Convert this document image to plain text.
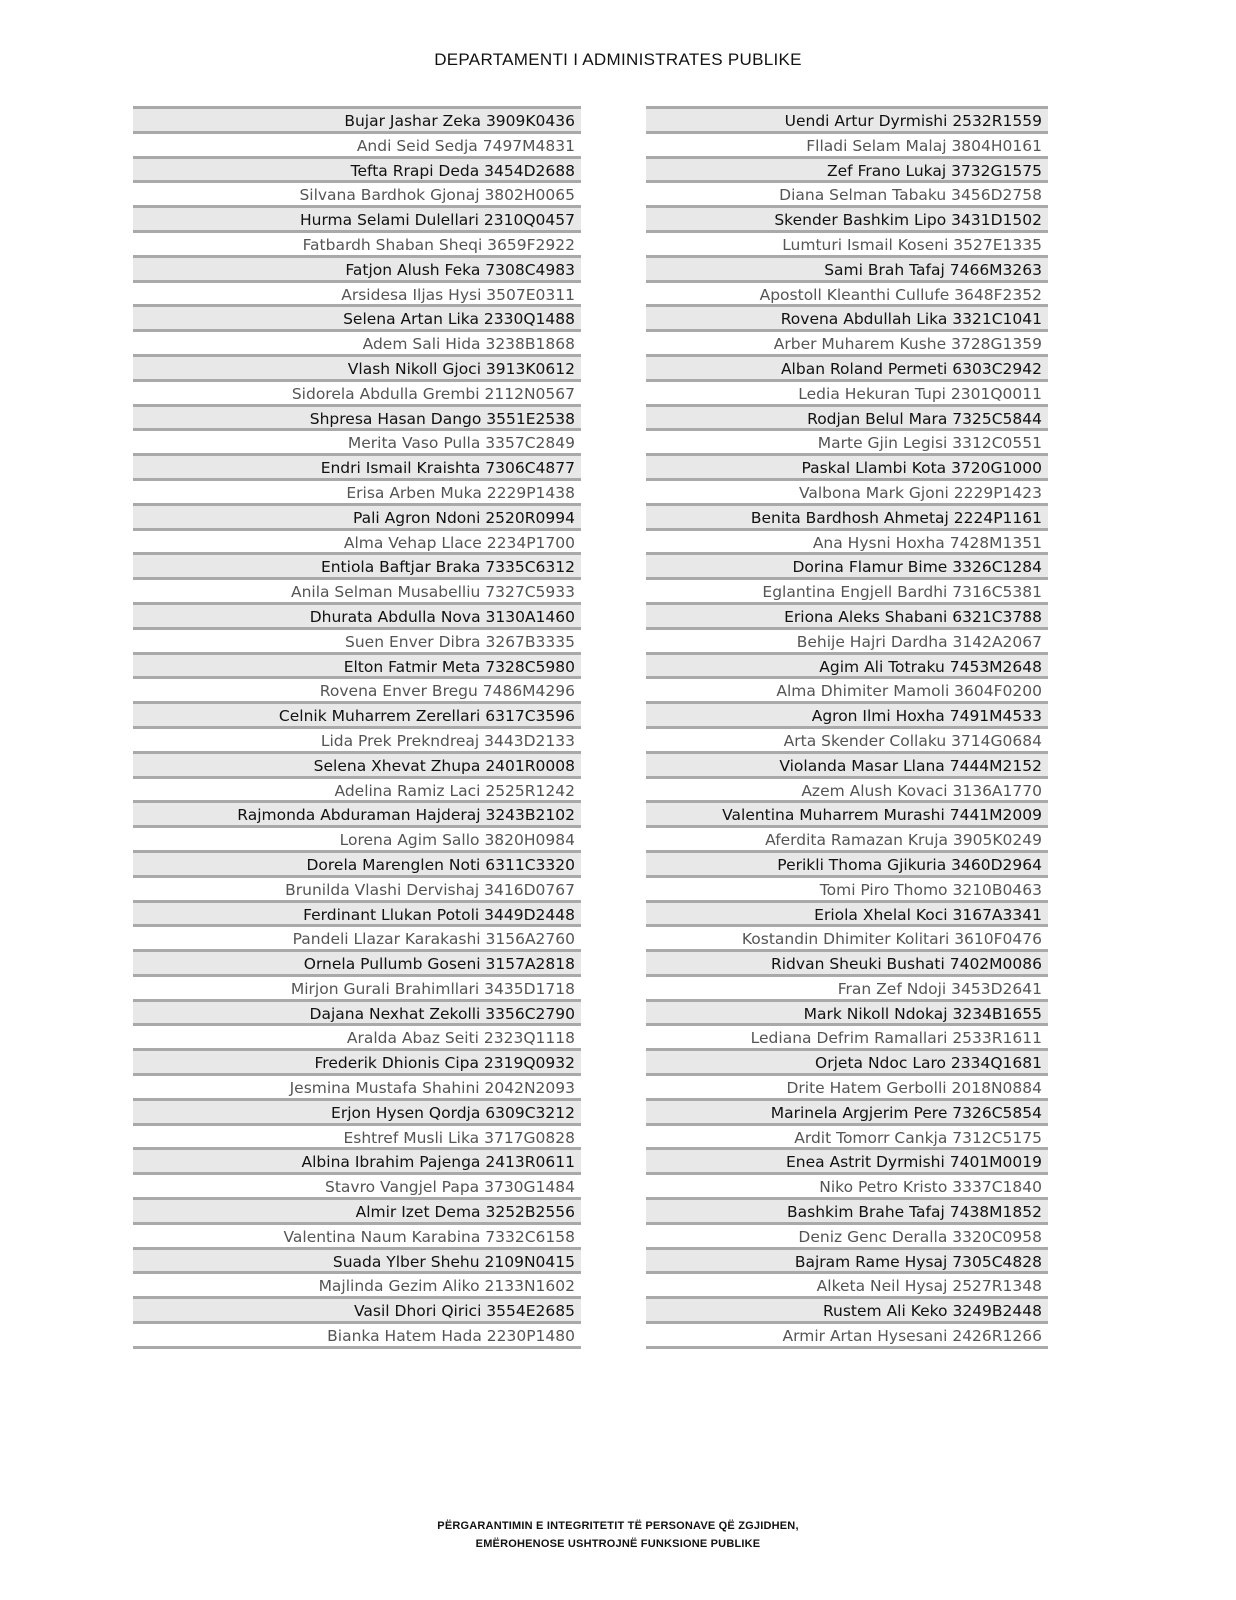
DEPARTAMENTI I ADMINISTRATES PUBLIKE
Bujar Jashar Zeka 3909K0436
Andi Seid Sedja 7497M4831
Tefta Rrapi Deda 3454D2688
Silvana Bardhok Gjonaj 3802H0065
Hurma Selami Dulellari 2310Q0457
Fatbardh Shaban Sheqi 3659F2922
Fatjon Alush Feka 7308C4983
Arsidesa Iljas Hysi 3507E0311
Selena Artan Lika 2330Q1488
Adem Sali Hida 3238B1868
Vlash Nikoll Gjoci 3913K0612
Sidorela Abdulla Grembi 2112N0567
Shpresa Hasan Dango 3551E2538
Merita Vaso Pulla 3357C2849
Endri Ismail Kraishta 7306C4877
Erisa Arben Muka 2229P1438
Pali Agron Ndoni 2520R0994
Alma Vehap Llace 2234P1700
Entiola Baftjar Braka 7335C6312
Anila Selman Musabelliu 7327C5933
Dhurata Abdulla Nova 3130A1460
Suen Enver Dibra 3267B3335
Elton Fatmir Meta 7328C5980
Rovena Enver Bregu 7486M4296
Celnik Muharrem Zerellari 6317C3596
Lida Prek Prekndreaj 3443D2133
Selena Xhevat Zhupa 2401R0008
Adelina Ramiz Laci 2525R1242
Rajmonda Abduraman Hajderaj 3243B2102
Lorena Agim Sallo 3820H0984
Dorela Marenglen Noti 6311C3320
Brunilda Vlashi Dervishaj 3416D0767
Ferdinant Llukan Potoli 3449D2448
Pandeli Llazar Karakashi 3156A2760
Ornela Pullumb Goseni 3157A2818
Mirjon Gurali Brahimllari 3435D1718
Dajana Nexhat Zekolli 3356C2790
Aralda Abaz Seiti 2323Q1118
Frederik Dhionis Cipa 2319Q0932
Jesmina Mustafa Shahini 2042N2093
Erjon Hysen Qordja 6309C3212
Eshtref Musli Lika 3717G0828
Albina Ibrahim Pajenga 2413R0611
Stavro Vangjel Papa 3730G1484
Almir Izet Dema 3252B2556
Valentina Naum Karabina 7332C6158
Suada Ylber Shehu 2109N0415
Majlinda Gezim Aliko 2133N1602
Vasil Dhori Qirici 3554E2685
Bianka Hatem Hada 2230P1480
Uendi Artur Dyrmishi 2532R1559
Flladi Selam Malaj 3804H0161
Zef Frano Lukaj 3732G1575
Diana Selman Tabaku 3456D2758
Skender Bashkim Lipo 3431D1502
Lumturi Ismail Koseni 3527E1335
Sami Brah Tafaj 7466M3263
Apostoll Kleanthi Cullufe 3648F2352
Rovena Abdullah Lika 3321C1041
Arber Muharem Kushe 3728G1359
Alban Roland Permeti 6303C2942
Ledia Hekuran Tupi 2301Q0011
Rodjan Belul Mara 7325C5844
Marte Gjin Legisi 3312C0551
Paskal Llambi Kota 3720G1000
Valbona Mark Gjoni 2229P1423
Benita Bardhosh Ahmetaj 2224P1161
Ana Hysni Hoxha 7428M1351
Dorina Flamur Bime 3326C1284
Eglantina Engjell Bardhi 7316C5381
Eriona Aleks Shabani 6321C3788
Behije Hajri Dardha 3142A2067
Agim Ali Totraku 7453M2648
Alma Dhimiter Mamoli 3604F0200
Agron Ilmi Hoxha 7491M4533
Arta Skender Collaku 3714G0684
Violanda Masar Llana 7444M2152
Azem Alush Kovaci 3136A1770
Valentina Muharrem Murashi 7441M2009
Aferdita Ramazan Kruja 3905K0249
Perikli Thoma Gjikuria 3460D2964
Tomi Piro Thomo 3210B0463
Eriola Xhelal Koci 3167A3341
Kostandin Dhimiter Kolitari 3610F0476
Ridvan Sheuki Bushati 7402M0086
Fran Zef Ndoji 3453D2641
Mark Nikoll Ndokaj 3234B1655
Lediana Defrim Ramallari 2533R1611
Orjeta Ndoc Laro 2334Q1681
Drite Hatem Gerbolli 2018N0884
Marinela Argjerim Pere 7326C5854
Ardit Tomorr Cankja 7312C5175
Enea Astrit Dyrmishi 7401M0019
Niko Petro Kristo 3337C1840
Bashkim Brahe Tafaj 7438M1852
Deniz Genc Deralla 3320C0958
Bajram Rame Hysaj 7305C4828
Alketa Neil Hysaj 2527R1348
Rustem Ali Keko 3249B2448
Armir Artan Hysesani 2426R1266
PËRGARANTIMIN E INTEGRITETIT TË PERSONAVE QË ZGJIDHEN,
EMËROHENOSE USHTROJNË FUNKSIONE PUBLIKE
